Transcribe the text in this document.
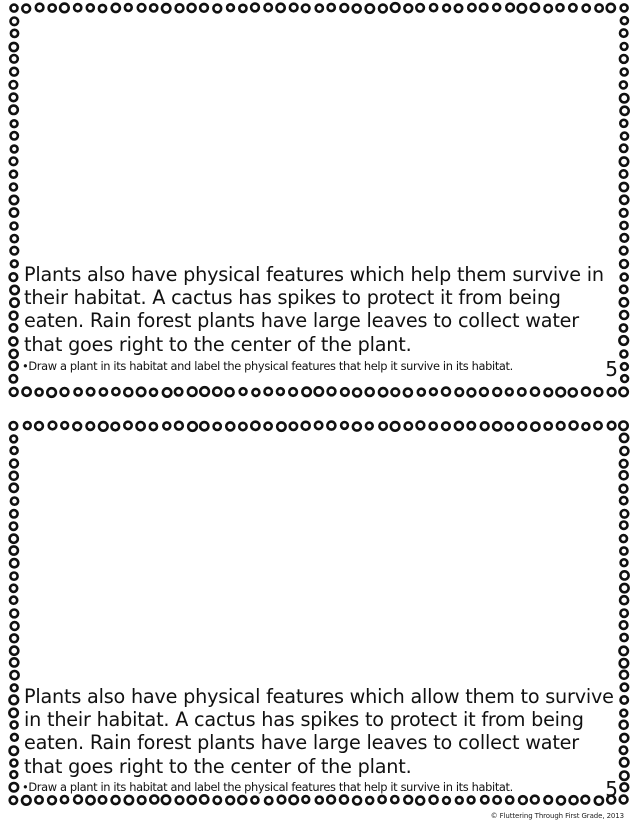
Plants also have physical features which help them survive in
their habitat. A cactus has spikes to protect it from being
eaten. Rain forest plants have large leaves to collect water
that goes right to the center of the plant.

•Draw a plant in its habitat and label the physical features that help it survive in its habitat.	5

Plants also have physical features which allow them to survive
in their habitat. A cactus has spikes to protect it from being
eaten. Rain forest plants have large leaves to collect water
that goes right to the center of the plant.

•Draw a plant in its habitat and label the physical features that help it survive in its habitat.	5

© Fluttering Through First Grade, 2013
